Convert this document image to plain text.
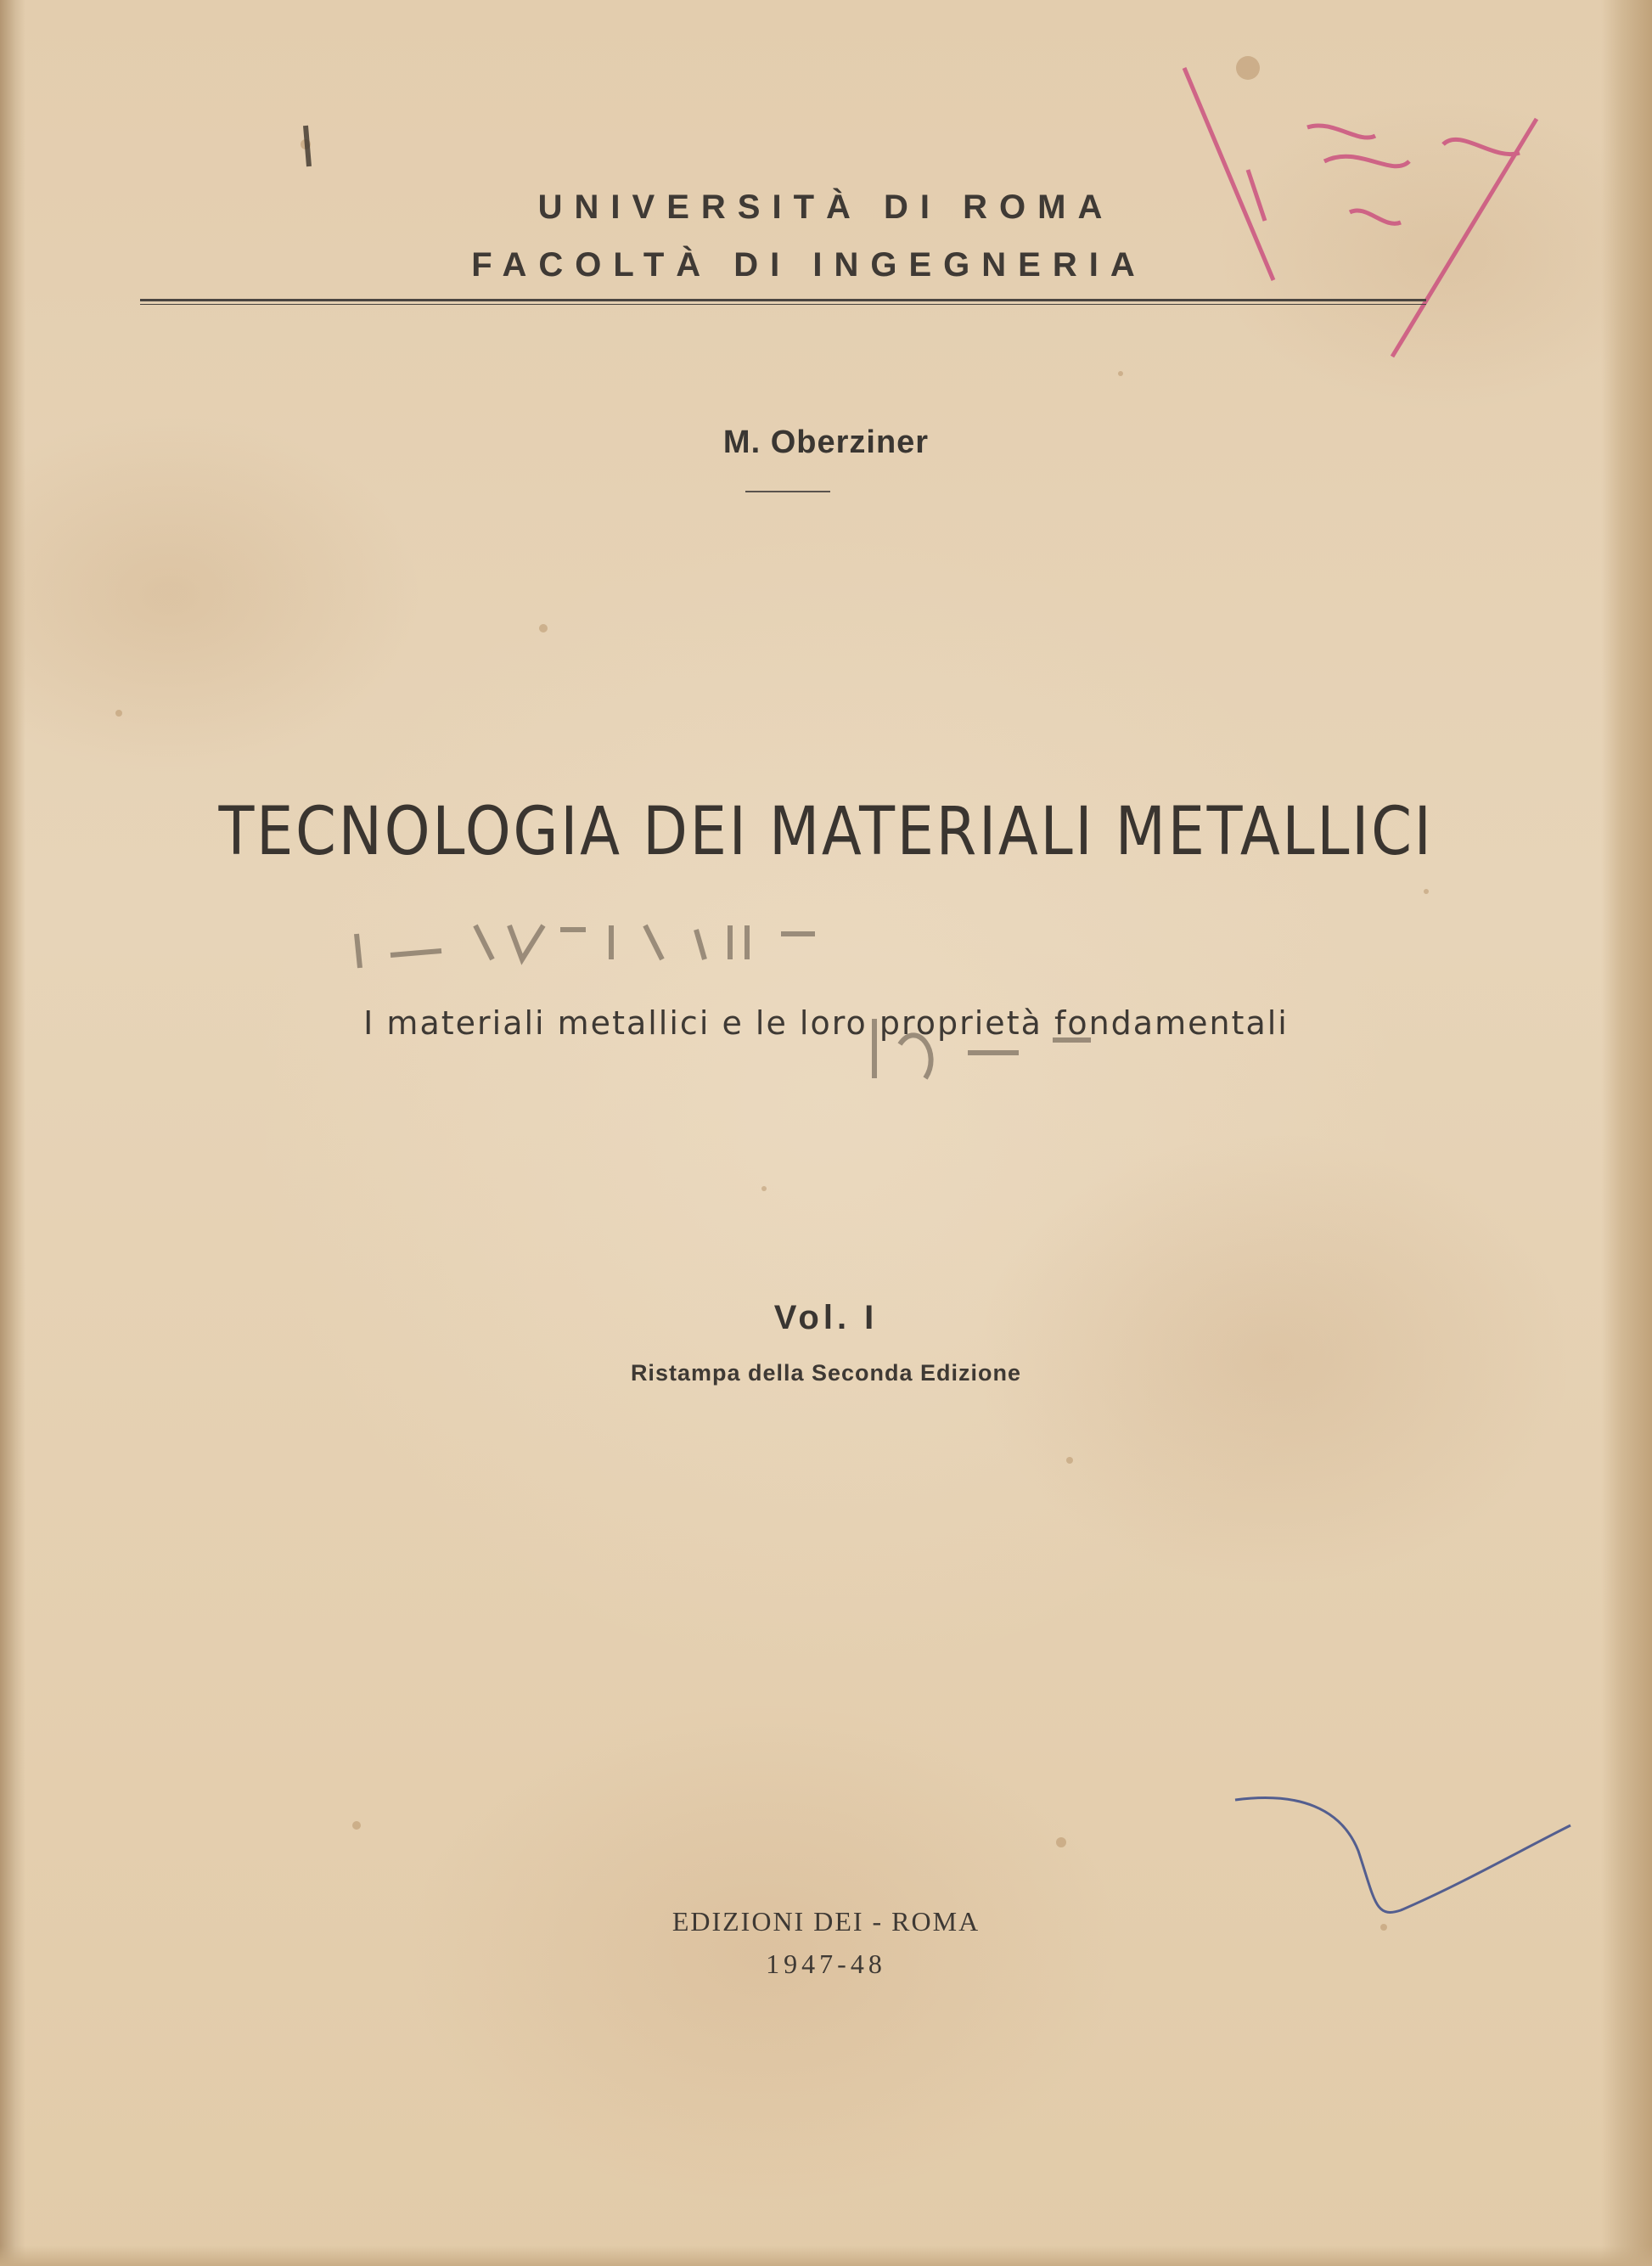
UNIVERSITÀ DI ROMA
FACOLTÀ DI INGEGNERIA
M. Oberziner
TECNOLOGIA DEI MATERIALI METALLICI
I materiali metallici e le loro proprietà fondamentali
Vol. I
Ristampa della Seconda Edizione
EDIZIONI DEI - ROMA
1947-48
